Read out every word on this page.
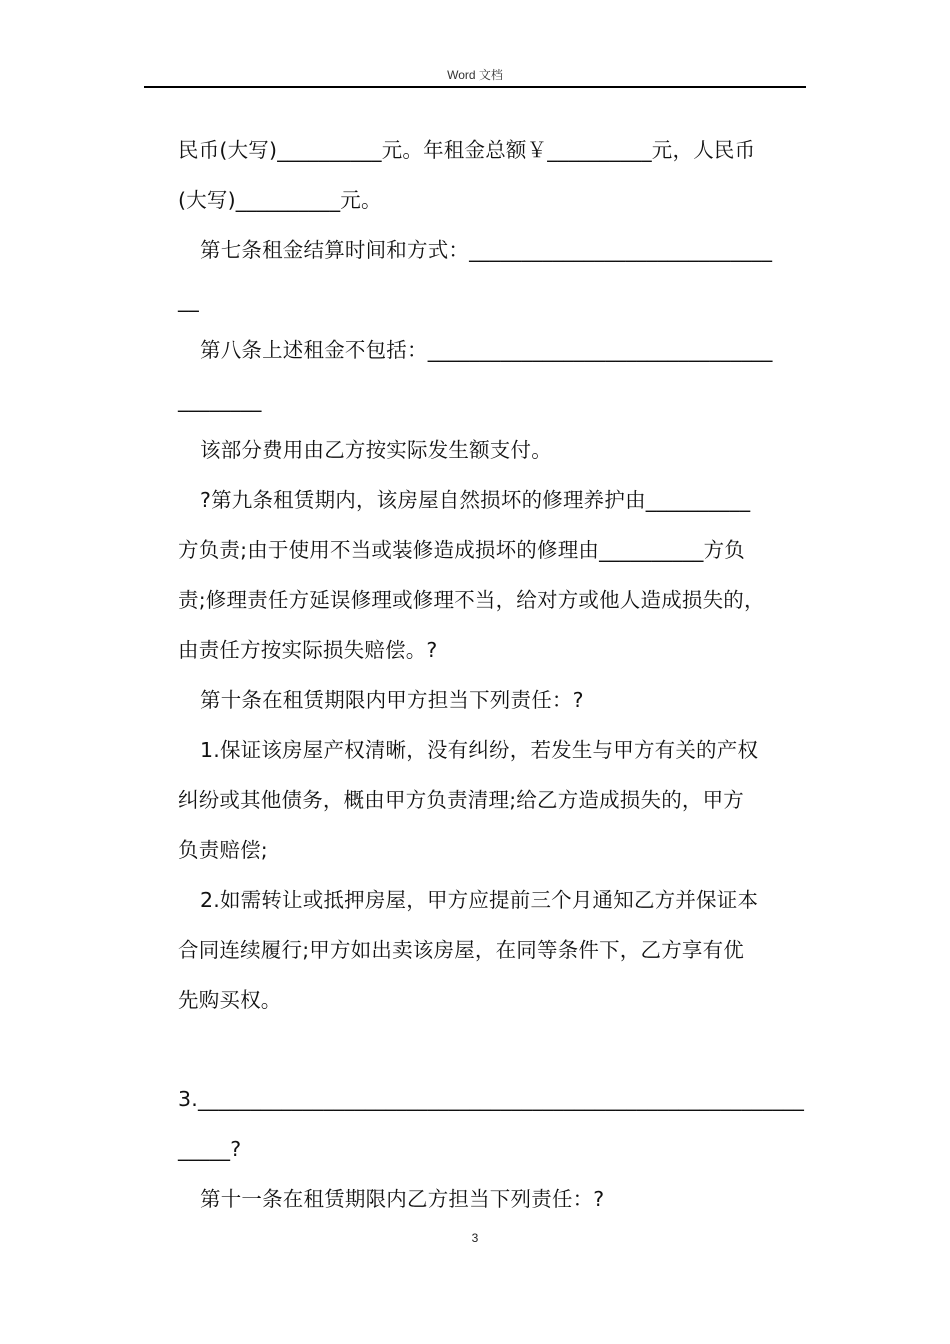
Word 文档
民币(大写)__________元。年租金总额￥__________元，人民币
(大写)__________元。
第七条租金结算时间和方式：_____________________________
__
第八条上述租金不包括：_________________________________
________
该部分费用由乙方按实际发生额支付。
?第九条租赁期内，该房屋自然损坏的修理养护由__________
方负责;由于使用不当或装修造成损坏的修理由__________方负
责;修理责任方延误修理或修理不当，给对方或他人造成损失的，
由责任方按实际损失赔偿。?
第十条在租赁期限内甲方担当下列责任：?
1.保证该房屋产权清晰，没有纠纷，若发生与甲方有关的产权
纠纷或其他债务，概由甲方负责清理;给乙方造成损失的，甲方
负责赔偿;
2.如需转让或抵押房屋，甲方应提前三个月通知乙方并保证本
合同连续履行;甲方如出卖该房屋，在同等条件下，乙方享有优
先购买权。
3.__________________________________________________________
_____?
第十一条在租赁期限内乙方担当下列责任：?
3
